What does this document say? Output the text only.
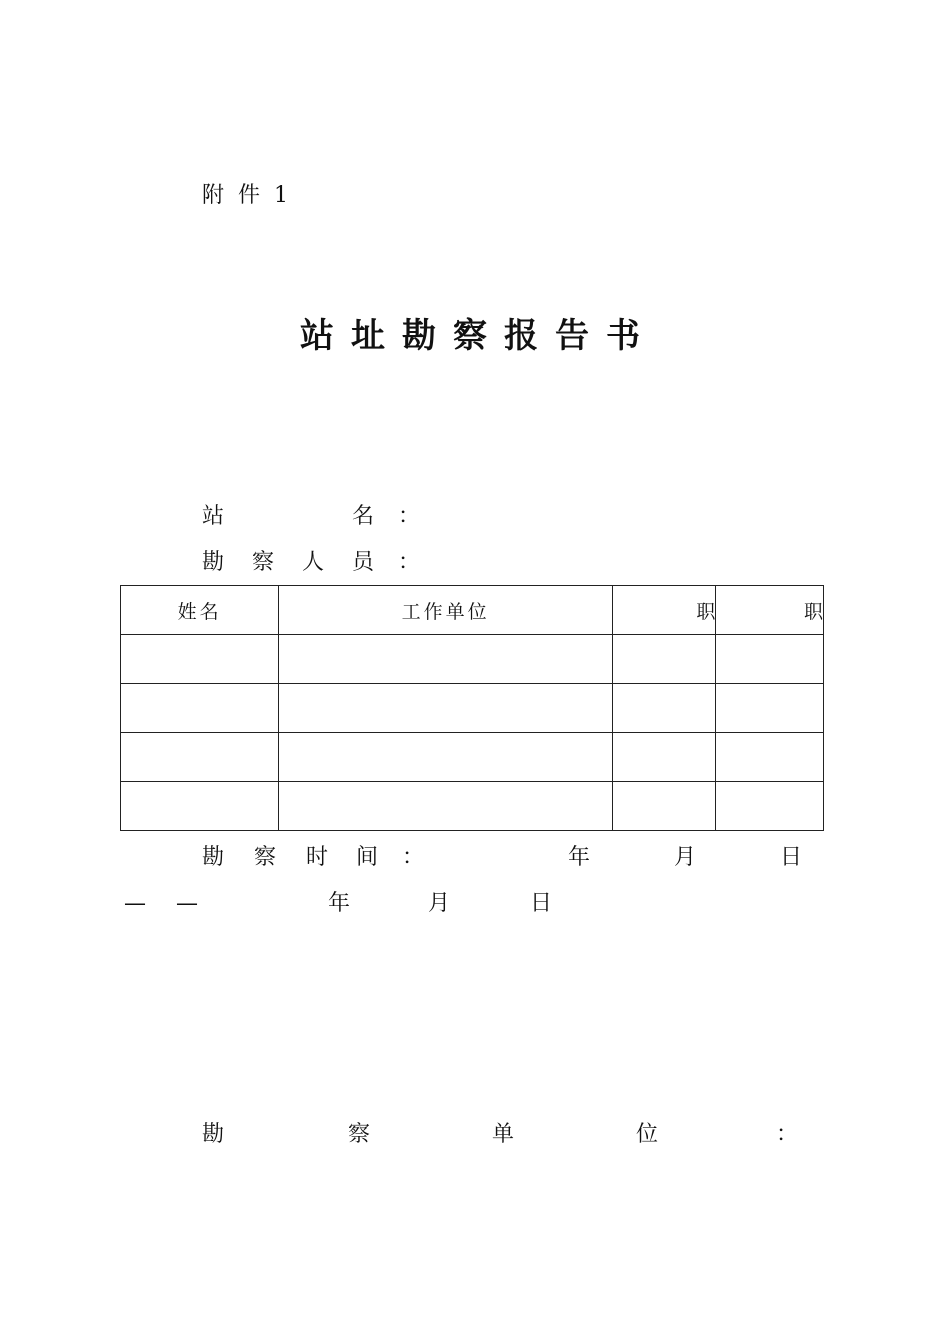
附件1
站址勘察报告书
站	名 ：
勘 察 人 员 ：
姓名	工作单位	职	职

勘 察 时 间 ：	年	月	日
— —	年	月	日
勘	察	单	位	：
